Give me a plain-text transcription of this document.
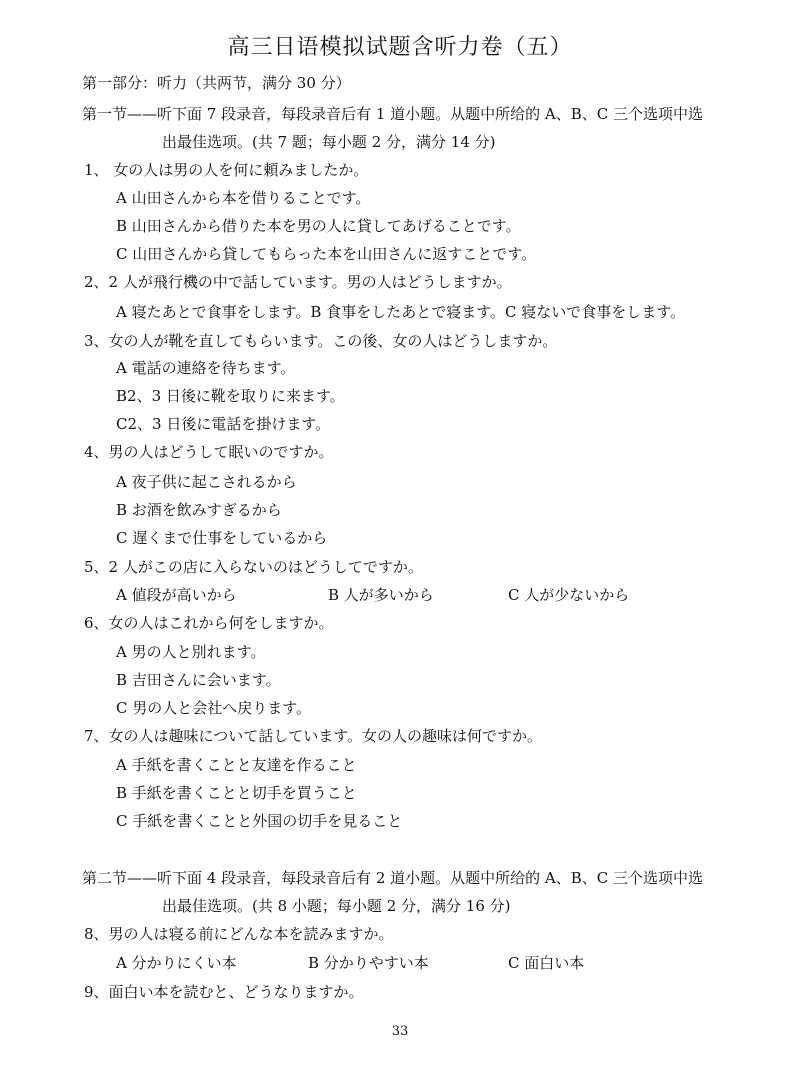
高三日语模拟试题含听力卷（五）
第一部分：听力（共两节，满分 30 分）
第一节——听下面 7 段录音，每段录音后有 1 道小题。从题中所给的 A、B、C 三个选项中选
出最佳选项。(共 7 题；每小题 2 分，满分 14 分)
1、 女の人は男の人を何に頼みましたか。
A 山田さんから本を借りることです。
B 山田さんから借りた本を男の人に貸してあげることです。
C 山田さんから貸してもらった本を山田さんに返すことです。
2、2 人が飛行機の中で話しています。男の人はどうしますか。
A 寝たあとで食事をします。B 食事をしたあとで寝ます。C 寝ないで食事をします。
3、女の人が靴を直してもらいます。この後、女の人はどうしますか。
A 電話の連絡を待ちます。
B2、3 日後に靴を取りに来ます。
C2、3 日後に電話を掛けます。
4、男の人はどうして眠いのですか。
A 夜子供に起こされるから
B お酒を飲みすぎるから
C 遅くまで仕事をしているから
5、2 人がこの店に入らないのはどうしてですか。
A 値段が高いから	B 人が多いから	C 人が少ないから
6、女の人はこれから何をしますか。
A 男の人と別れます。
B 吉田さんに会います。
C 男の人と会社へ戻ります。
7、女の人は趣味について話しています。女の人の趣味は何ですか。
A 手紙を書くことと友達を作ること
B 手紙を書くことと切手を買うこと
C 手紙を書くことと外国の切手を見ること
第二节——听下面 4 段录音，每段录音后有 2 道小题。从题中所给的 A、B、C 三个选项中选
出最佳选项。(共 8 小题；每小题 2 分，满分 16 分)
8、男の人は寝る前にどんな本を読みますか。
A 分かりにくい本	B 分かりやすい本	C 面白い本
9、面白い本を読むと、どうなりますか。
33
